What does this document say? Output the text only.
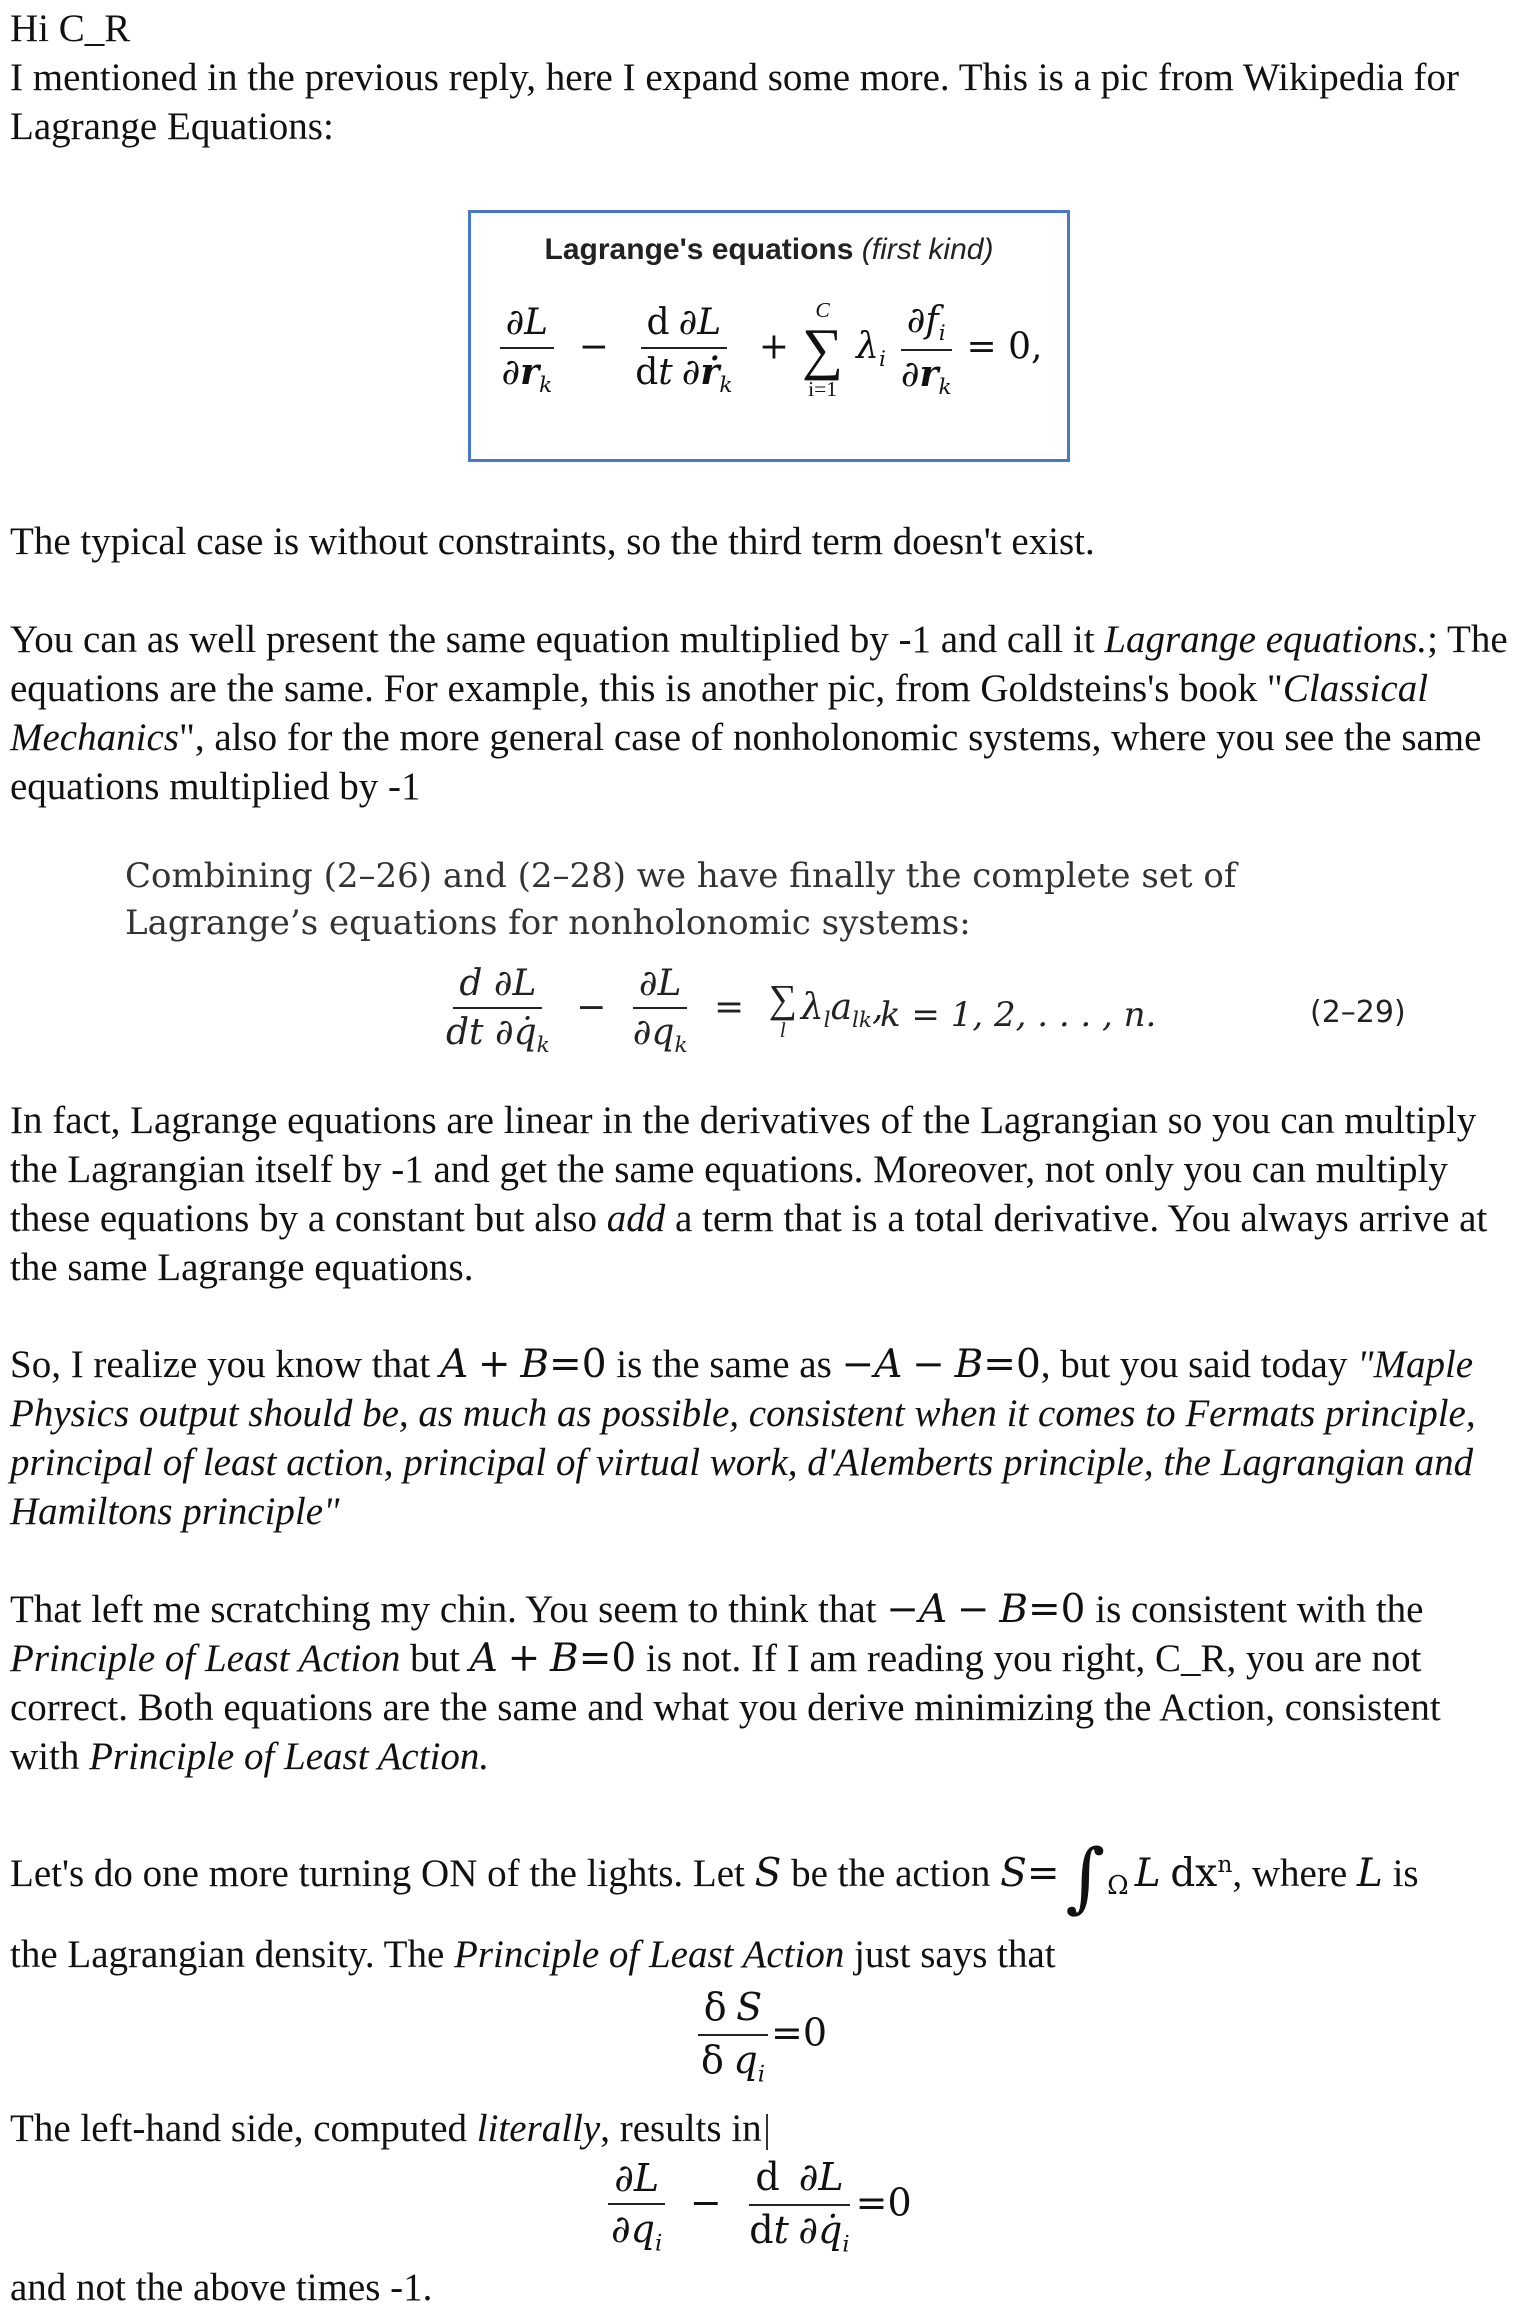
Hi C_R

I mentioned in the previous reply, here I expand some more. This is a pic from Wikipedia for Lagrange Equations:

Lagrange's equations (first kind)
$\frac{\partial L}{\partial r_k} - \frac{d \partial L}{dt \partial ṙ_k}$ +
C
∑
i=1
$\lambda_i \frac{\partial f_i}{\partial r_k} = 0$,

The typical case is without constraints, so the third term doesn't exist.

You can as well present the same equation multiplied by -1 and call it Lagrange equations.; The equations are the same. For example, this is another pic, from Goldsteins's book "Classical Mechanics", also for the more general case of nonholonomic systems, where you see the same equations multiplied by -1

Combining (2–26) and (2–28) we have finally the complete set of Lagrange’s equations for nonholonomic systems:
$\frac{d \partial L}{dt \partial q̇_k} - \frac{\partial L}{\partial q_k}$ = ∑
l
$\lambda_la_{lk}$,
k = 1, 2, . . . , n.	(2–29)

In fact, Lagrange equations are linear in the derivatives of the Lagrangian so you can multiply the Lagrangian itself by -1 and get the same equations. Moreover, not only you can multiply these equations by a constant but also add a term that is a total derivative. You always arrive at the same Lagrange equations.

So, I realize you know that A + B=0 is the same as −A − B=0, but you said today "Maple Physics output should be, as much as possible, consistent when it comes to Fermats principle, principal of least action, principal of virtual work, d'Alemberts principle, the Lagrangian and Hamiltons principle"

That left me scratching my chin. You seem to think that −A − B=0 is consistent with the Principle of Least Action but A + B=0 is not. If I am reading you right, C_R, you are not correct. Both equations are the same and what you derive minimizing the Action, consistent with Principle of Least Action.

Let's do one more turning ON of the lights. Let S be the action S= ∫ Ω L $dx^n$, where L is

the Lagrangian density. The Principle of Least Action just says that

$\frac{\text{δ S}}{\delta q_i} =0$

The left-hand side, computed literally, results in

$\frac{\partial L}{\partial q_i} - \frac{d \partial L}{dt \partial q̇_i} =0$

and not the above times -1.
